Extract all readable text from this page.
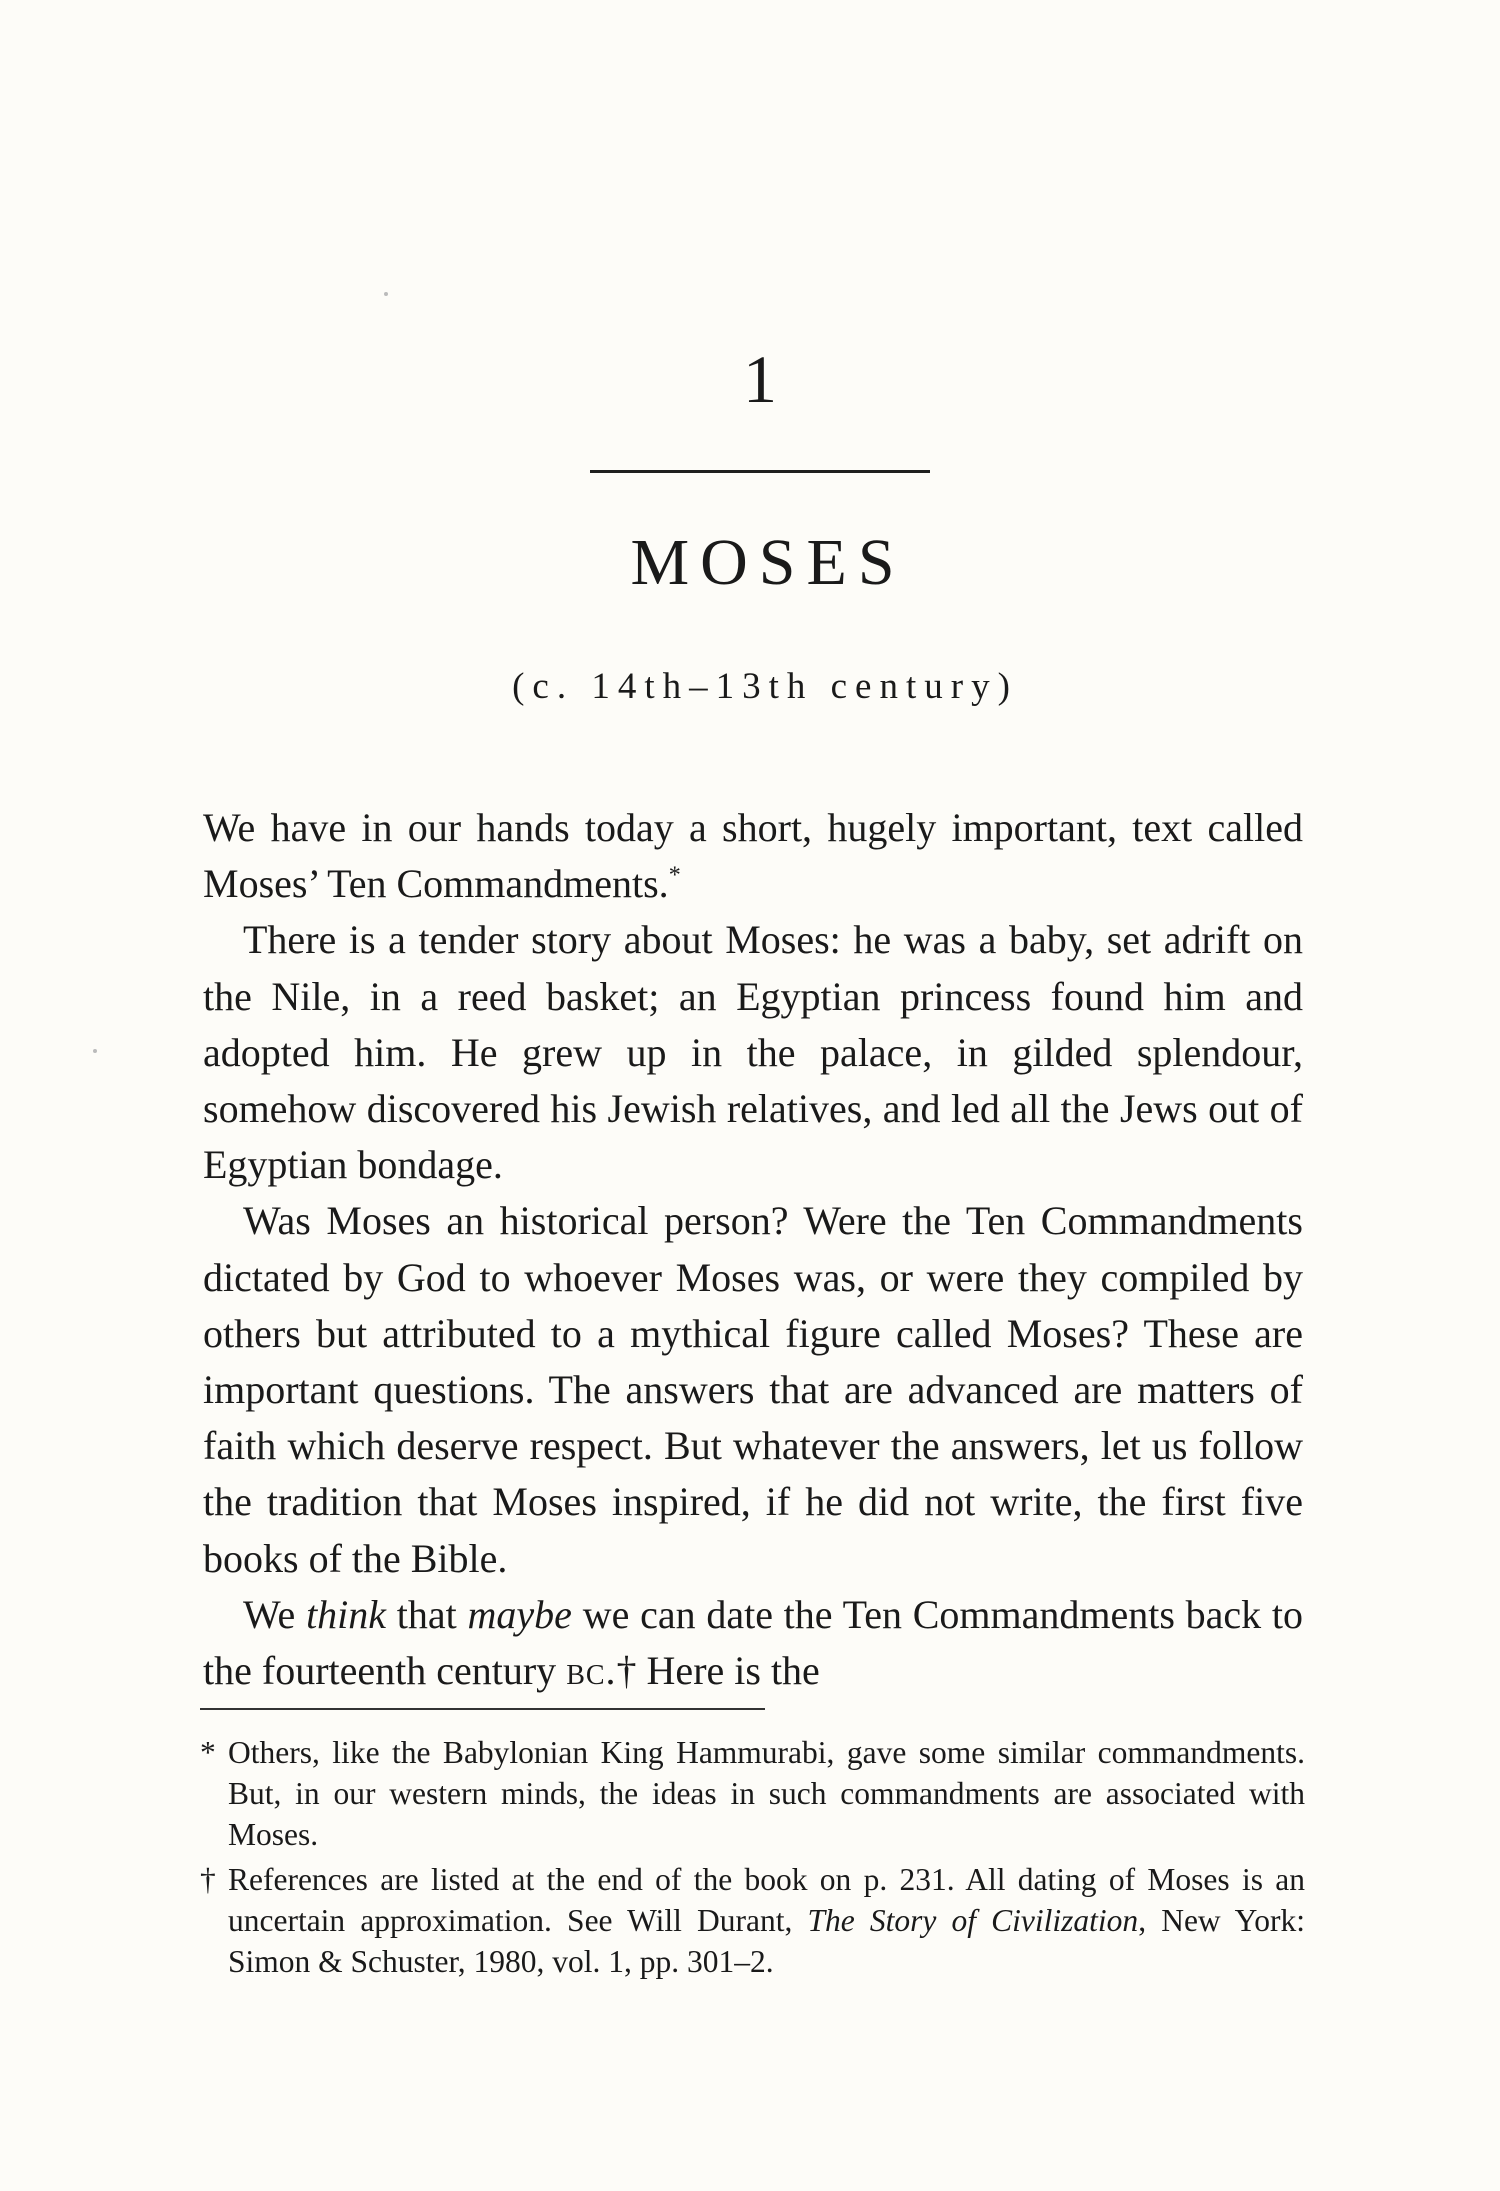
1
MOSES
(c. 14th–13th century)

We have in our hands today a short, hugely important, text called Moses’ Ten Commandments.*

There is a tender story about Moses: he was a baby, set adrift on the Nile, in a reed basket; an Egyptian princess found him and adopted him. He grew up in the palace, in gilded splendour, somehow discovered his Jewish relatives, and led all the Jews out of Egyptian bondage.

Was Moses an historical person? Were the Ten Commandments dictated by God to whoever Moses was, or were they compiled by others but attributed to a mythical figure called Moses? These are important questions. The answers that are advanced are matters of faith which deserve respect. But whatever the answers, let us follow the tradition that Moses inspired, if he did not write, the first five books of the Bible.

We think that maybe we can date the Ten Commandments back to the fourteenth century bc.† Here is the

* Others, like the Babylonian King Hammurabi, gave some similar commandments. But, in our western minds, the ideas in such commandments are associated with Moses.
† References are listed at the end of the book on p. 231. All dating of Moses is an uncertain approximation. See Will Durant, The Story of Civilization, New York: Simon & Schuster, 1980, vol. 1, pp. 301–2.
